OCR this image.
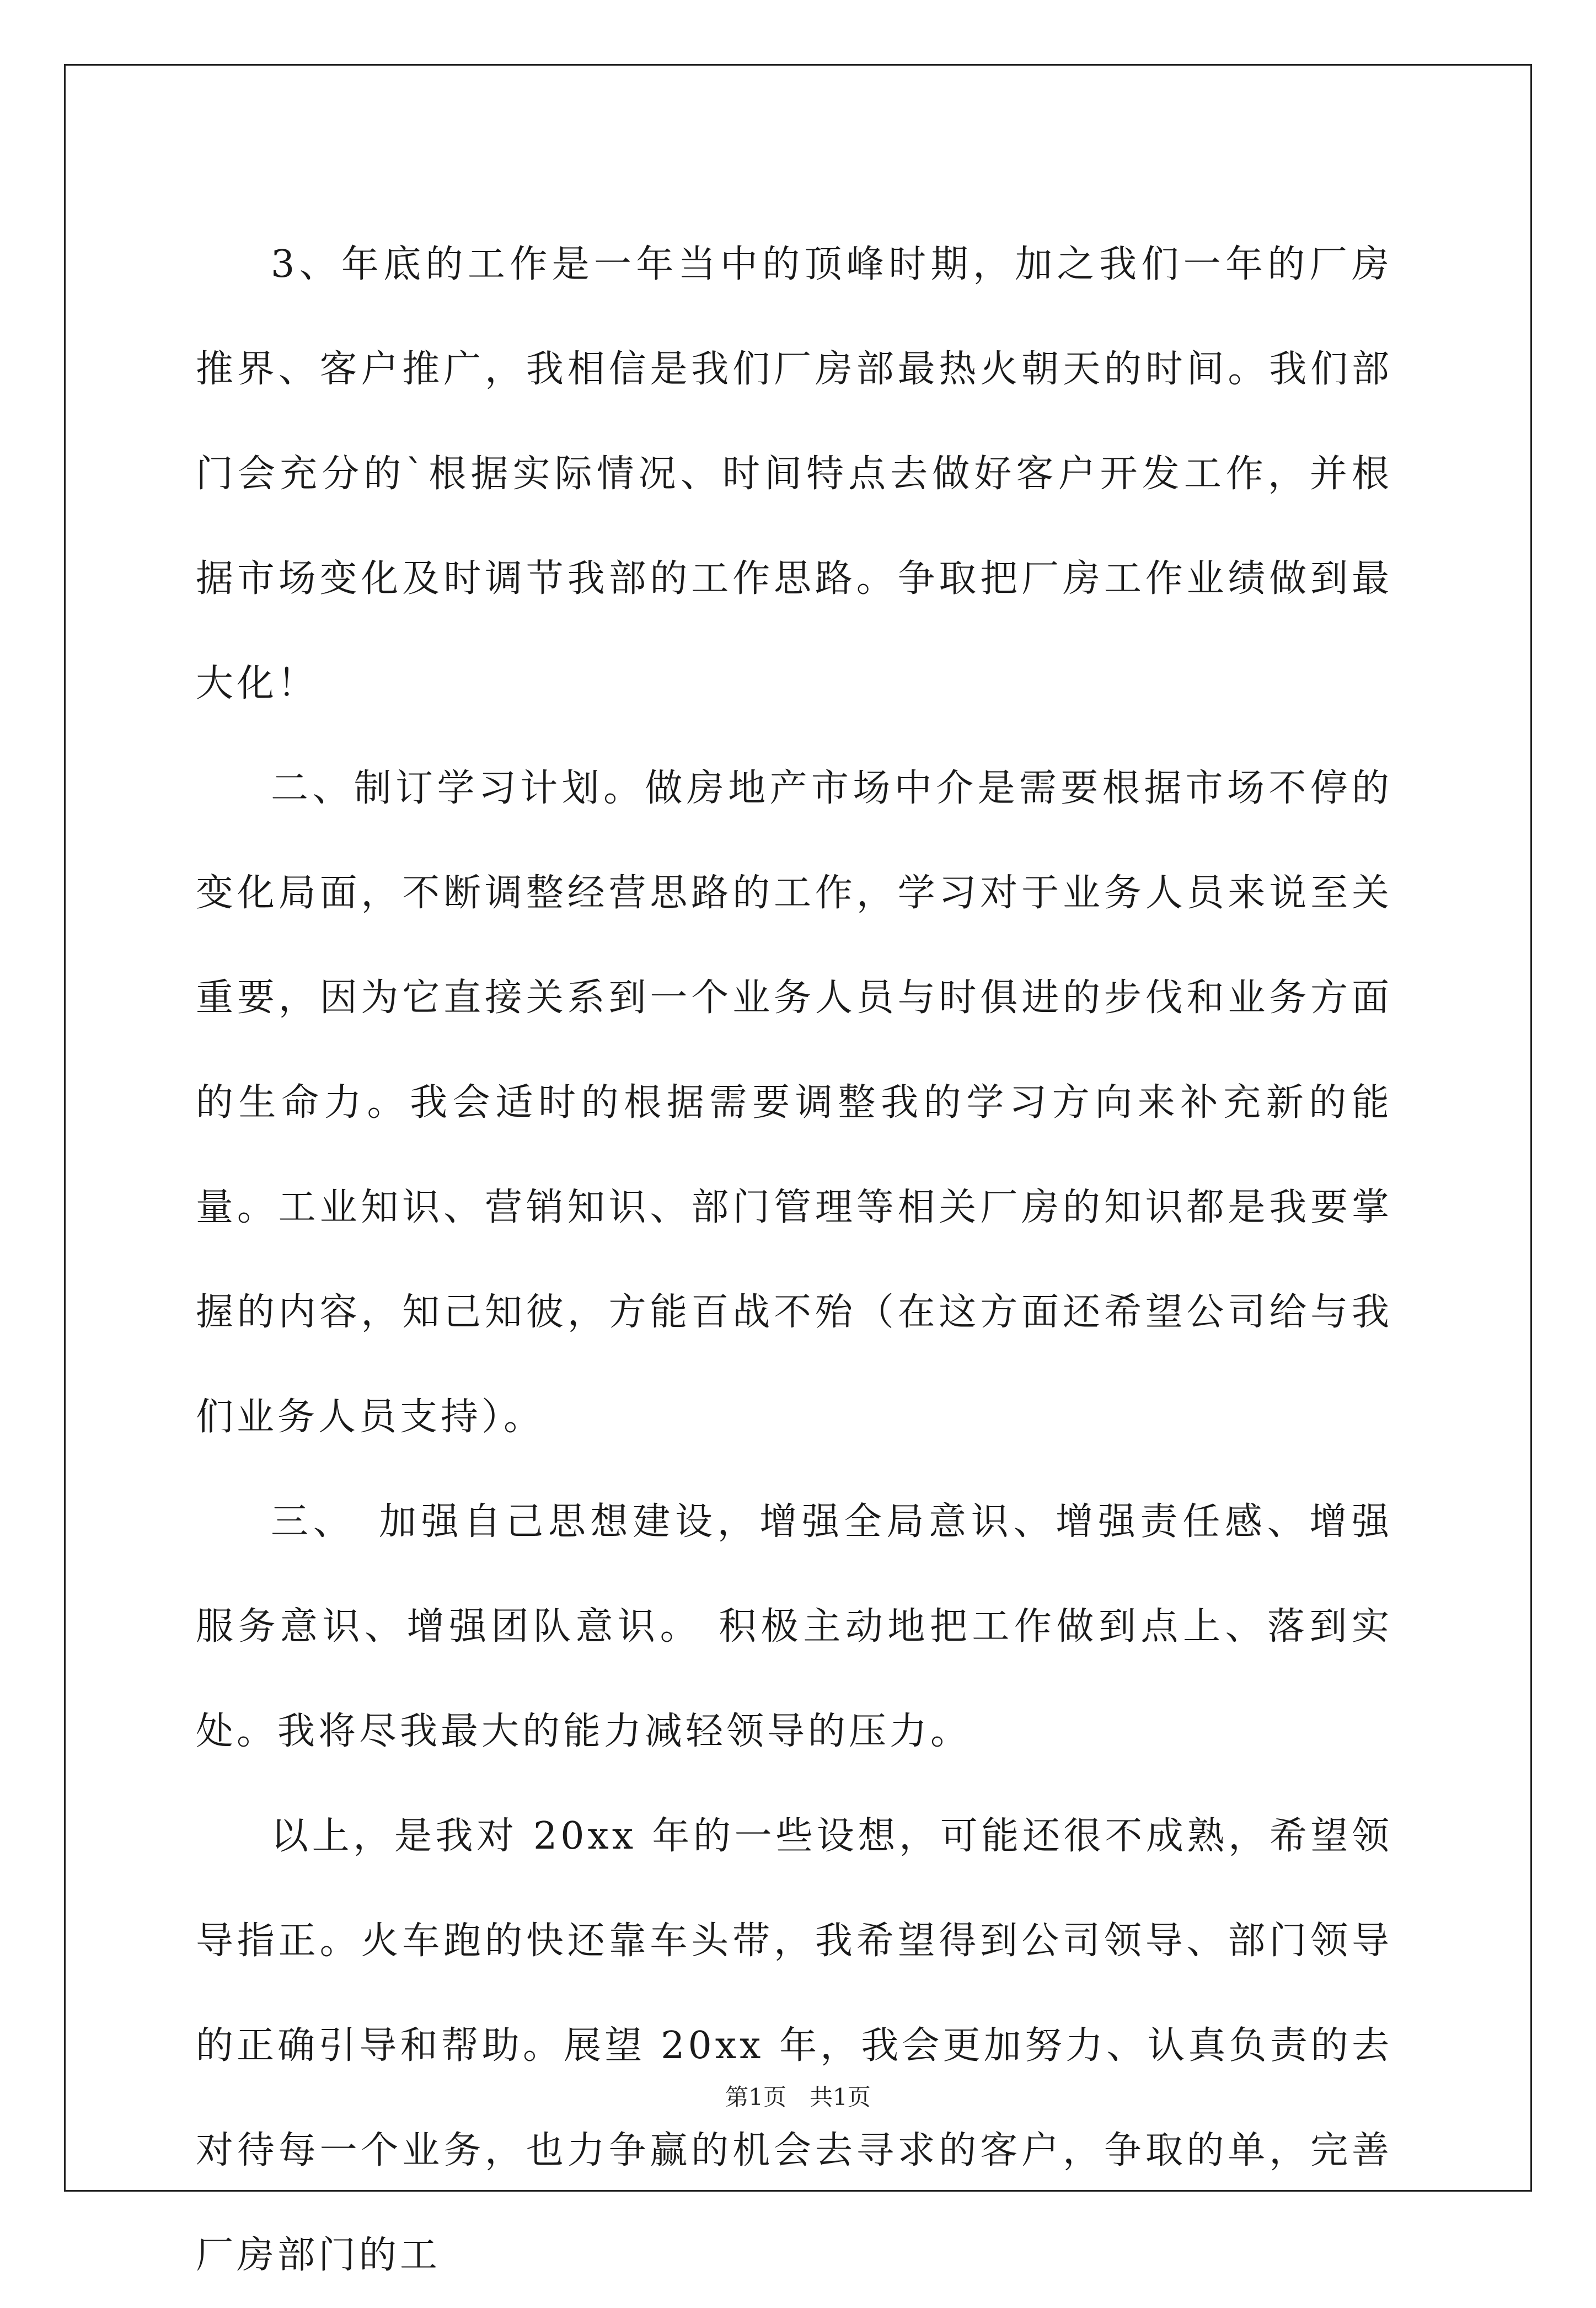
3、年底的工作是一年当中的顶峰时期，加之我们一年的厂房推界、客户推广，我相信是我们厂房部最热火朝天的时间。我们部门会充分的`根据实际情况、时间特点去做好客户开发工作，并根据市场变化及时调节我部的工作思路。争取把厂房工作业绩做到最大化！

二、制订学习计划。做房地产市场中介是需要根据市场不停的变化局面，不断调整经营思路的工作，学习对于业务人员来说至关重要，因为它直接关系到一个业务人员与时俱进的步伐和业务方面的生命力。我会适时的根据需要调整我的学习方向来补充新的能量。工业知识、营销知识、部门管理等相关厂房的知识都是我要掌握的内容，知己知彼，方能百战不殆（在这方面还希望公司给与我们业务人员支持）。

三、　加强自己思想建设，增强全局意识、增强责任感、增强服务意识、增强团队意识。 积极主动地把工作做到点上、落到实处。我将尽我最大的能力减轻领导的压力。

以上，是我对 20xx 年的一些设想，可能还很不成熟，希望领导指正。火车跑的快还靠车头带，我希望得到公司领导、部门领导的正确引导和帮助。展望 20xx 年，我会更加努力、认真负责的去对待每一个业务，也力争赢的机会去寻求的客户，争取的单，完善厂房部门的工

第1页　共1页
